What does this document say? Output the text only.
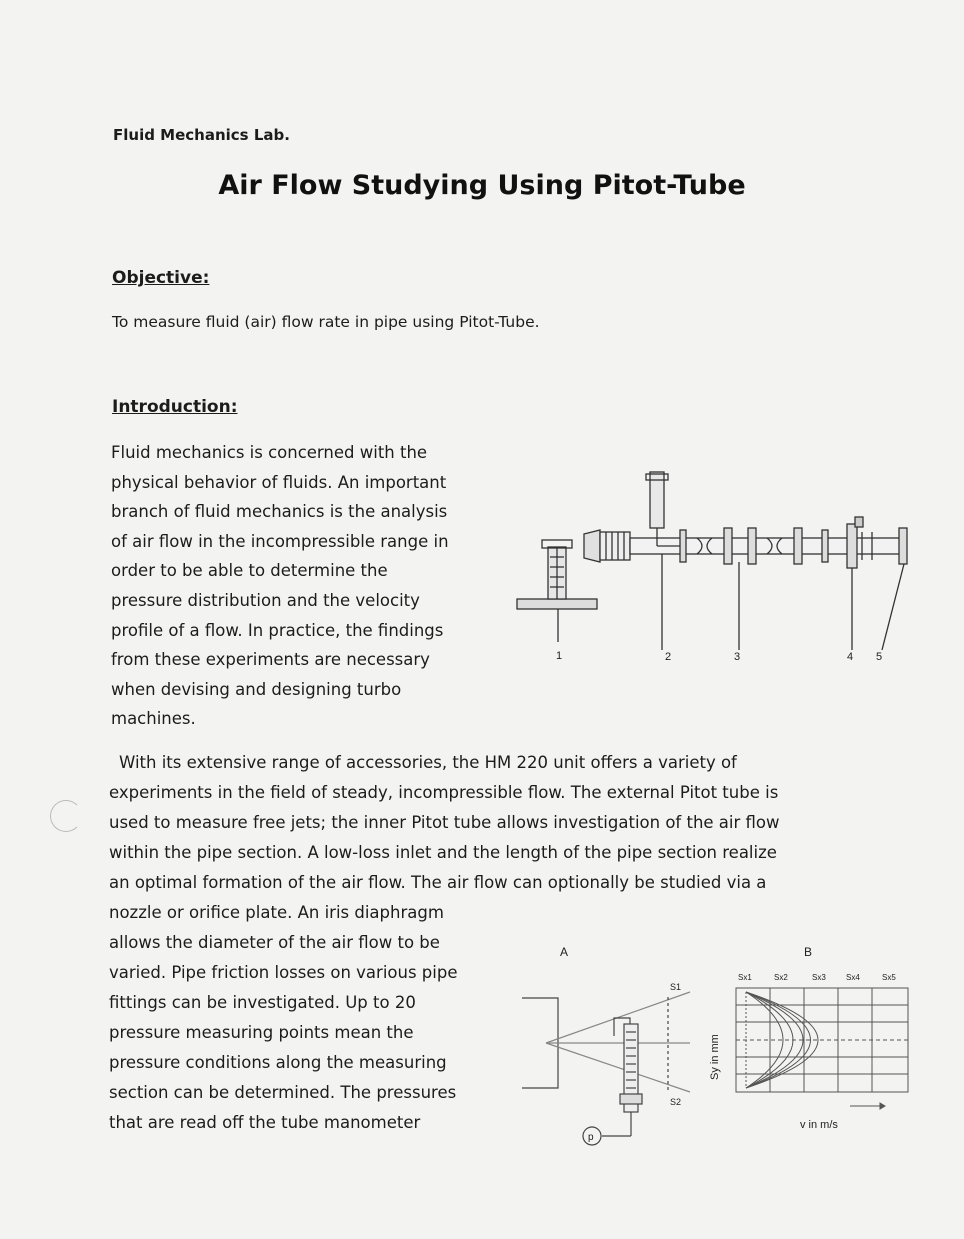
Fluid Mechanics Lab.
Air Flow Studying Using Pitot-Tube
Objective:
To measure fluid (air) flow rate in pipe using Pitot-Tube.
Introduction:
Fluid mechanics is concerned with the
physical behavior of fluids. An important
branch of fluid mechanics is the analysis
of air flow in the incompressible range in
order to be able to determine the
pressure distribution and the velocity
profile of a flow. In practice, the findings
from these experiments are necessary
when devising and designing turbo
machines.
With its extensive range of accessories, the HM 220 unit offers a variety of
experiments in the field of steady, incompressible flow. The external Pitot tube is
used to measure free jets; the inner Pitot tube allows investigation of the air flow
within the pipe section. A low-loss inlet and the length of the pipe section realize
an optimal formation of the air flow. The air flow can optionally be studied via a
nozzle or orifice plate. An iris diaphragm
allows the diameter of the air flow to be
varied. Pipe friction losses on various pipe
fittings can be investigated. Up to 20
pressure measuring points mean the
pressure conditions along the measuring
section can be determined. The pressures
that are read off the tube manometer
1	2	3	4 5
A
p
S1
S2
B
Sx1	Sx2	Sx3	Sx4	Sx5
Sy in mm
v in m/s
